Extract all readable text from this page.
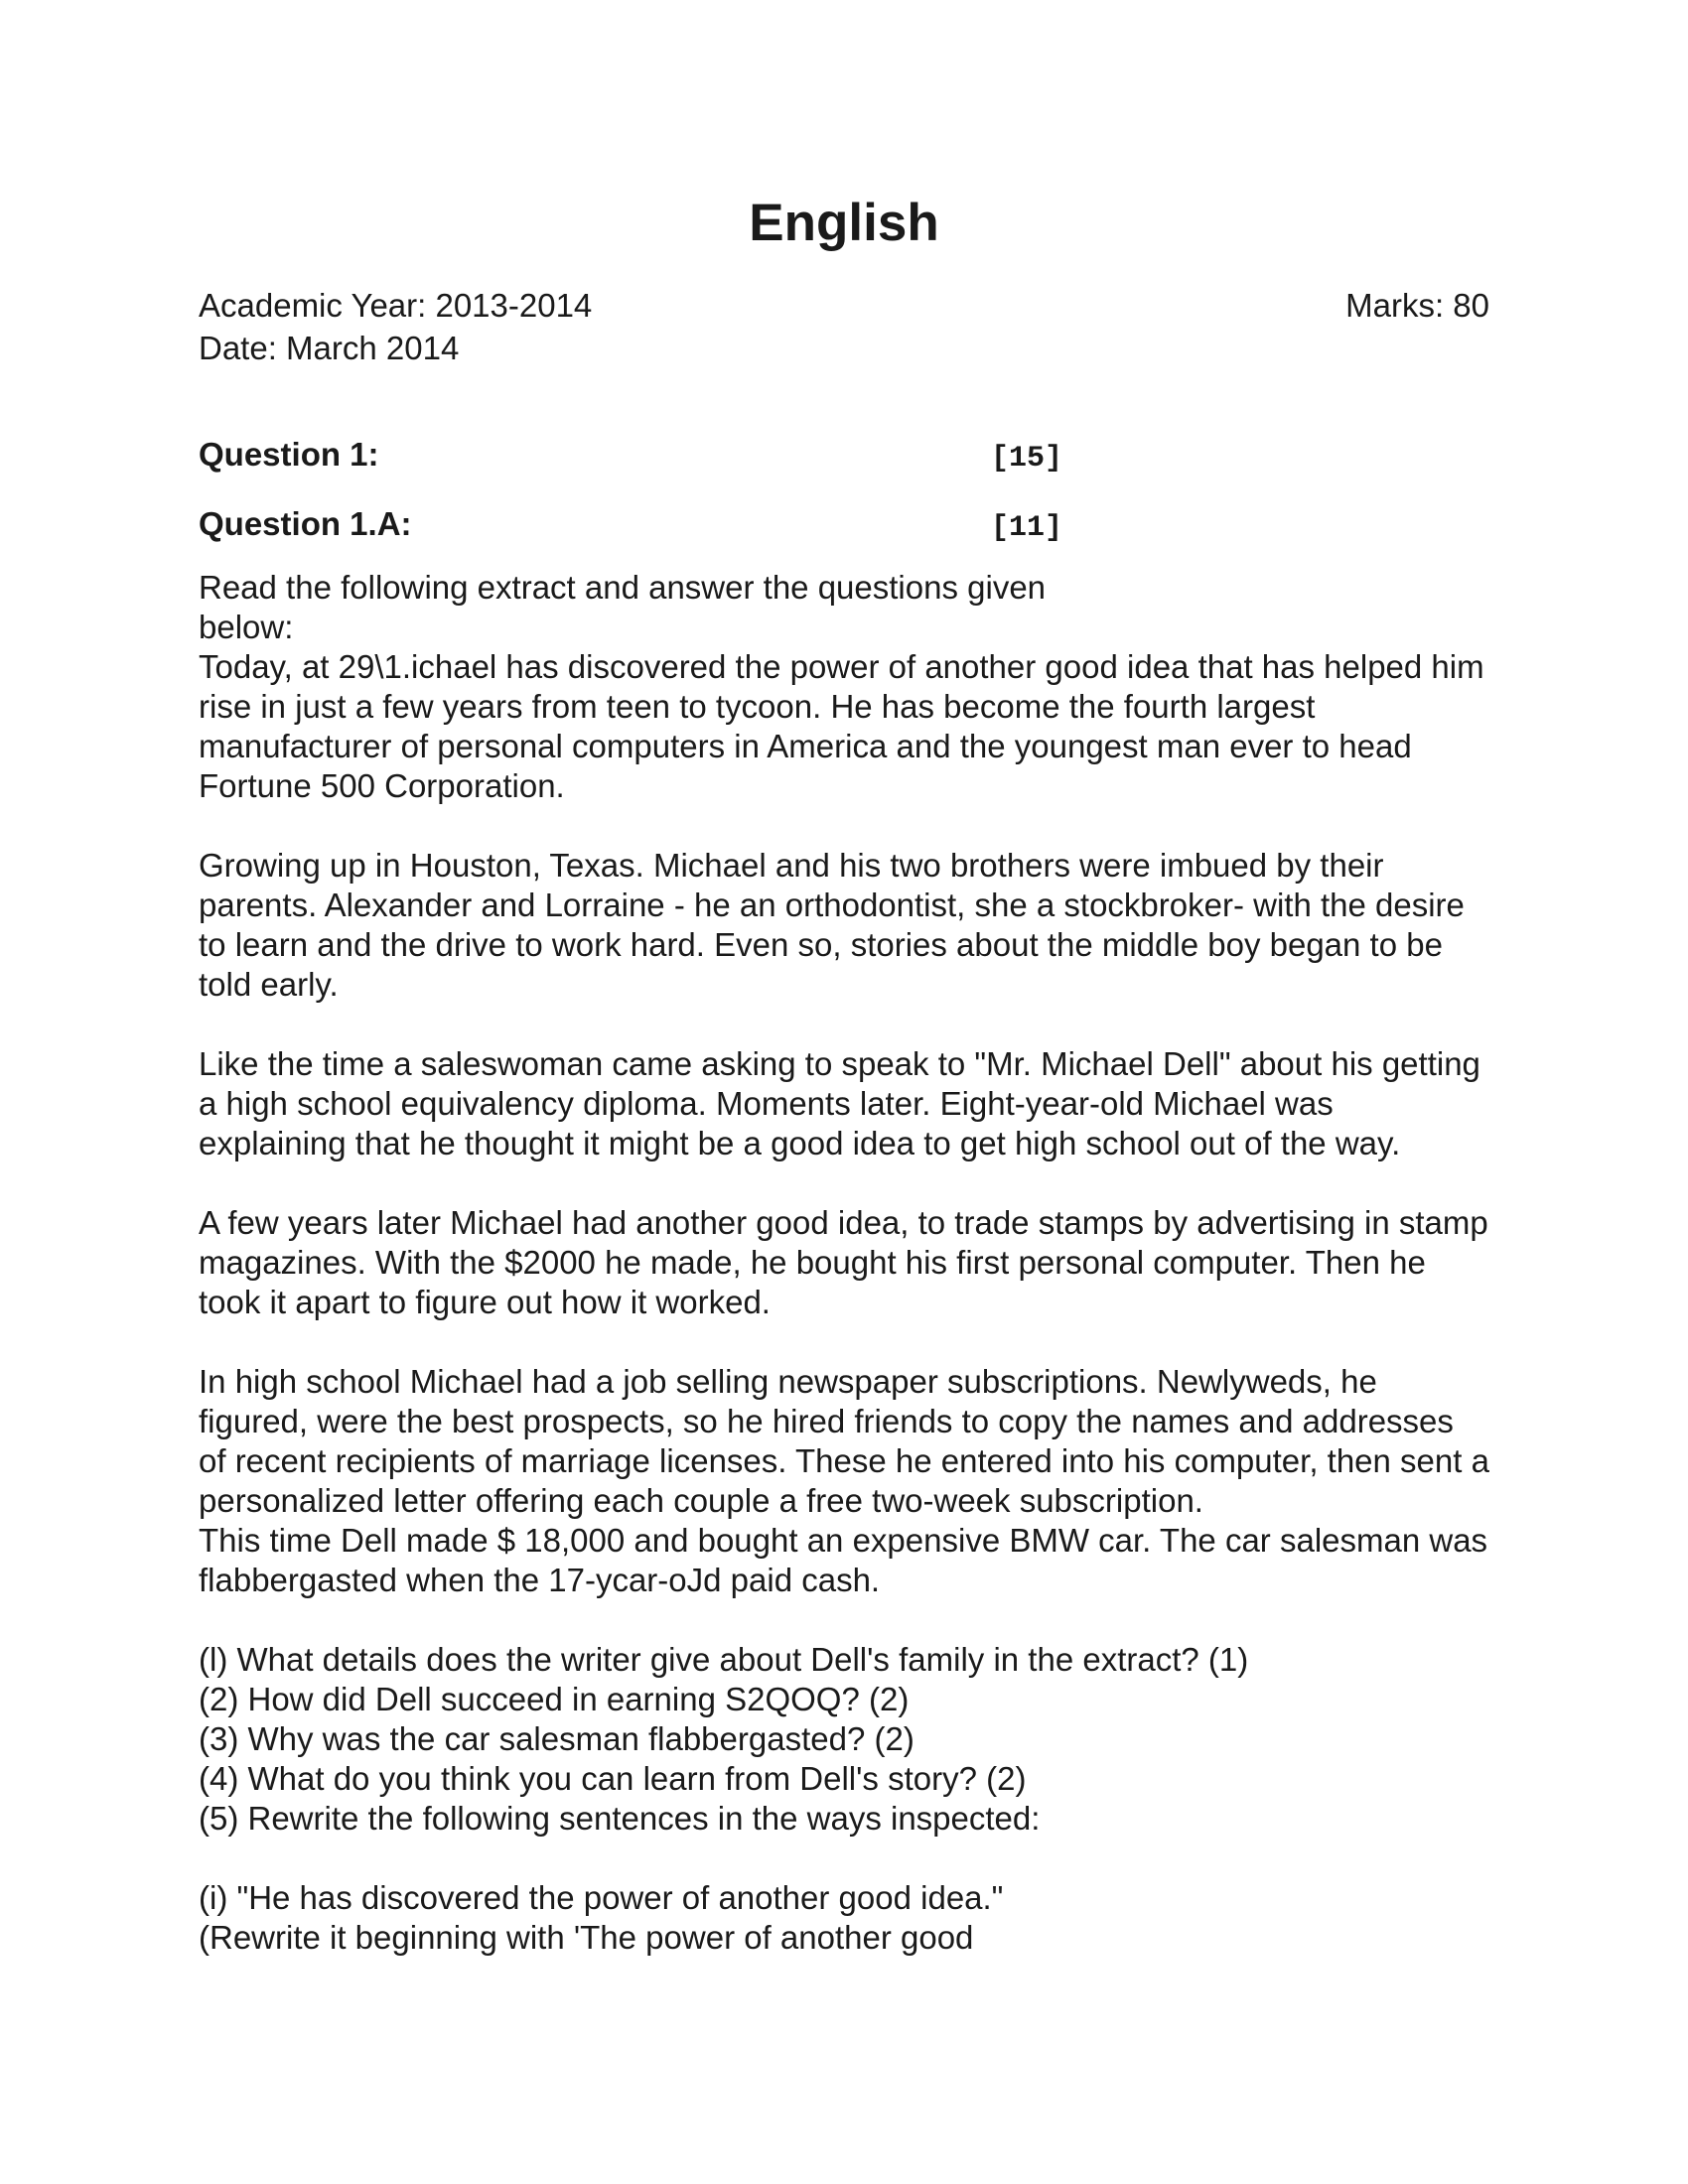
English
Academic Year: 2013-2014	Marks: 80
Date: March 2014
Question 1:	[15]
Question 1.A:	[11]
Read the following extract and answer the questions given below:

Today, at 29\1.ichael has discovered the power of another good idea that has helped him rise in just a few years from teen to tycoon. He has become the fourth largest manufacturer of personal computers in America and the youngest man ever to head Fortune 500 Corporation.

Growing up in Houston, Texas. Michael and his two brothers were imbued by their parents. Alexander and Lorraine - he an orthodontist, she a stockbroker- with the desire to learn and the drive to work hard. Even so, stories about the middle boy began to be told early.

Like the time a saleswoman came asking to speak to "Mr. Michael Dell" about his getting a high school equivalency diploma. Moments later. Eight-year-old Michael was explaining that he thought it might be a good idea to get high school out of the way.

A few years later Michael had another good idea, to trade stamps by advertising in stamp magazines. With the $2000 he made, he bought his first personal computer. Then he took it apart to figure out how it worked.

In high school Michael had a job selling newspaper subscriptions. Newlyweds, he figured, were the best prospects, so he hired friends to copy the names and addresses of recent recipients of marriage licenses. These he entered into his computer, then sent a personalized letter offering each couple a free two-week subscription.

This time Dell made $ 18,000 and bought an expensive BMW car. The car salesman was flabbergasted when the 17-ycar-oJd paid cash.

(l) What details does the writer give about Dell's family in the extract? (1)

(2) How did Dell succeed in earning S2QOQ? (2)

(3) Why was the car salesman flabbergasted? (2)

(4) What do you think you can learn from Dell's story? (2)

(5) Rewrite the following sentences in the ways inspected:

(i) "He has discovered the power of another good idea."

(Rewrite it beginning with 'The power of another good
